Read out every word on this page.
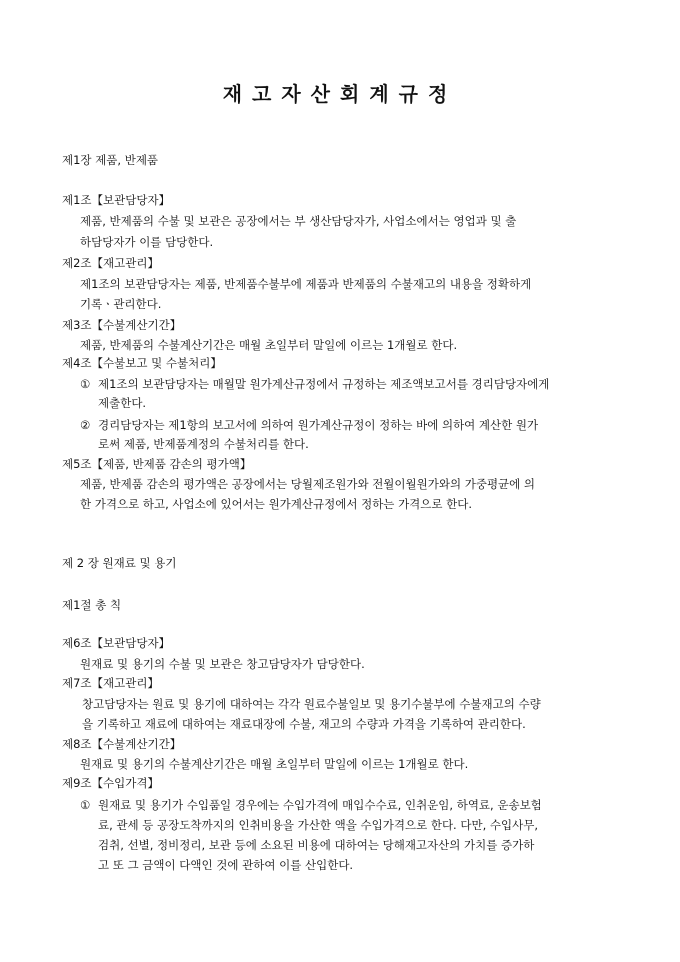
재고자산회계규정
제1장 제품, 반제품
제1조【보관담당자】
제품, 반제품의 수불 및 보관은 공장에서는 부 생산담당자가, 사업소에서는 영업과 및 출
하담당자가 이를 담당한다.
제2조【재고관리】
제1조의 보관담당자는 제품, 반제품수불부에 제품과 반제품의 수불재고의 내용을 정확하게
기록ㆍ관리한다.
제3조【수불계산기간】
제품, 반제품의 수불계산기간은 매월 초일부터 말일에 이르는 1개월로 한다.
제4조【수불보고 및 수불처리】
① 제1조의 보관담당자는 매월말 원가계산규정에서 규정하는 제조액보고서를 경리담당자에게
제출한다.
② 경리담당자는 제1항의 보고서에 의하여 원가계산규정이 정하는 바에 의하여 계산한 원가
로써 제품, 반제품계정의 수불처리를 한다.
제5조【제품, 반제품 감손의 평가액】
제품, 반제품 감손의 평가액은 공장에서는 당월제조원가와 전월이월원가와의 가중평균에 의
한 가격으로 하고, 사업소에 있어서는 원가계산규정에서 정하는 가격으로 한다.
제 2 장 원재료 및 용기
제1절 총 칙
제6조【보관담당자】
원재료 및 용기의 수불 및 보관은 창고담당자가 담당한다.
제7조【재고관리】
창고담당자는 원료 및 용기에 대하여는 각각 원료수불일보 및 용기수불부에 수불재고의 수량
을 기록하고 재료에 대하여는 재료대장에 수불, 재고의 수량과 가격을 기록하여 관리한다.
제8조【수불계산기간】
원재료 및 용기의 수불계산기간은 매월 초일부터 말일에 이르는 1개월로 한다.
제9조【수입가격】
① 원재료 및 용기가 수입품일 경우에는 수입가격에 매입수수료, 인취운임, 하역료, 운송보험
료, 관세 등 공장도착까지의 인취비용을 가산한 액을 수입가격으로 한다. 다만, 수입사무,
검취, 선별, 정비정리, 보관 등에 소요된 비용에 대하여는 당해재고자산의 가치를 증가하
고 또 그 금액이 다액인 것에 관하여 이를 산입한다.
